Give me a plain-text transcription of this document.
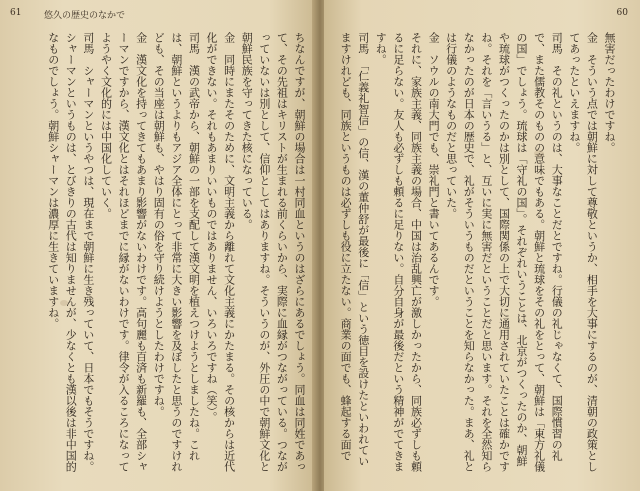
61	悠久の歴史のなかで
ちなんですが、朝鮮の場合は一村同血というのはざらにあるでしょう。同血は同姓であって、その先祖はキリストが生まれる前くらいから、実際に血縁がつながっている。つながっていないは別として、信仰としてはありますね。そういうのが、外圧の中で朝鮮文化と朝鮮民族を守ってきた核になっている。
金　同時にまたそのために、文明主義から離れて文化主義にかたまる。その核からは近代化ができない。それもあまりいいものではありません、いろいろですね（笑）。
司馬　漢の武帝から、朝鮮の一部を支配して漢文明を植えつけようとしましたね。これは、朝鮮というよりもアジア全体にとって非常に大きい影響を及ぼしたと思うのですけれども、その当座は朝鮮も、やはり固有の俗を守り続けようとしたわけですね。
金　漢文化を持ってきてもあまり影響がないわけです。高句麗も百済も新羅も、全部シャーマンですから、漢文化とはそれほどまでに縁がないわけです。律令が入るころになってようやく文化的には中国化していく。
司馬　シャーマンというやつは、現在まで朝鮮に生き残っていて、日本でもそうですね。シャーマンというものは、とびきりの古代は知りませんが、少なくとも漢以後は非中国的なものでしょう。朝鮮シャーマンは濃厚に生きていますね。
60
無害だったわけですね。
金　そういう点では朝鮮に対して尊敬というか、相手を大事にするのが、清朝の政策としてあったといえますね。
司馬　その礼というのは、大事なことだとですね。行儀の礼じゃなくて、国際慣習の礼で、また儒教そのものの意味でもある。朝鮮と琉球をその礼をとって、朝鮮は「東方礼儀の国」でしょう。琉球は「守礼の国」。それぞれいうことは、北京がつくったのか、朝鮮や琉球がつくったのかは別として、国際関係の上で大切に通用されていたことは確かですね。それを「言いうる」と、互いに実に無害だということだと思います。それを全然知らなかったのが日本の歴史で、礼がそういうものだということを知らなかった。まあ、礼とは行儀のようなものだと思っていた。
金　ソウルの南大門でも、崇礼門と書いてあるんです。
それに、家族主義、同族主義の場合、中国は治乱興亡が激しかったから、同族必ずしも頼るに足らない。友人も必ずしも頼るに足りない。自分自身が最後だという精神がでてきますね。
司馬　「仁義礼智信」の信、漢の董仲舒が最後に「信」という徳目を設けたといわれていますけれども、同族というものは必ずしも役に立たない。商業の面でも、蜂起する面で
